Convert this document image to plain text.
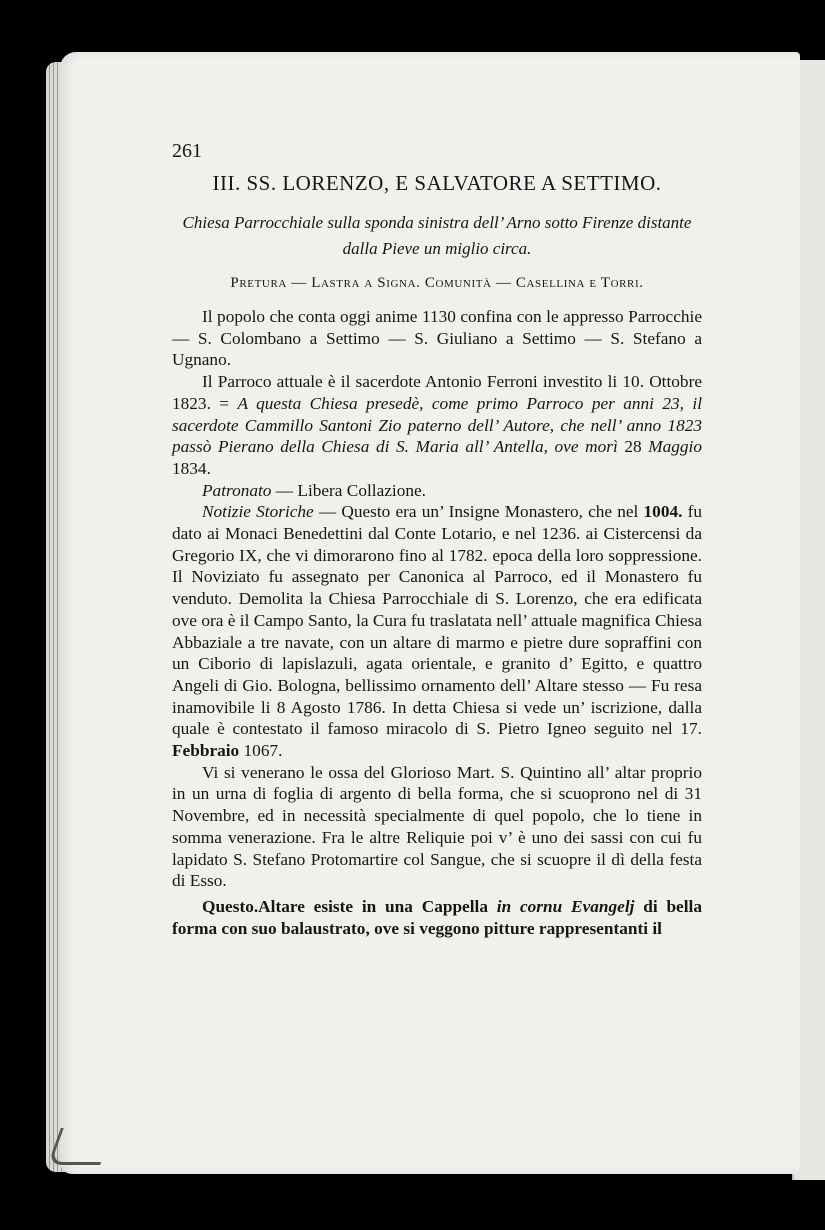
261
III. SS. LORENZO, E SALVATORE A SETTIMO.

Chiesa Parrocchiale sulla sponda sinistra dell’ Arno sotto Firenze distante dalla Pieve un miglio circa.

Pretura — Lastra a Signa. Comunità — Casellina e Torri.

Il popolo che conta oggi anime 1130 confina con le appresso Parrocchie — S. Colombano a Settimo — S. Giuliano a Settimo — S. Stefano a Ugnano.

Il Parroco attuale è il sacerdote Antonio Ferroni investito li 10. Ottobre 1823. = A questa Chiesa presedè, come primo Parroco per anni 23, il sacerdote Cammillo Santoni Zio paterno dell’ Autore, che nell’ anno 1823 passò Pierano della Chiesa di S. Maria all’ Antella, ove morì 28 Maggio 1834.

Patronato — Libera Collazione.

Notizie Storiche — Questo era un’ Insigne Monastero, che nel 1004. fu dato ai Monaci Benedettini dal Conte Lotario, e nel 1236. ai Cistercensi da Gregorio IX, che vi dimorarono fino al 1782. epoca della loro soppressione. Il Noviziato fu assegnato per Canonica al Parroco, ed il Monastero fu venduto. Demolita la Chiesa Parrocchiale di S. Lorenzo, che era edificata ove ora è il Campo Santo, la Cura fu traslatata nell’ attuale magnifica Chiesa Abbaziale a tre navate, con un altare di marmo e pietre dure sopraffini con un Ciborio di lapislazuli, agata orientale, e granito d’ Egitto, e quattro Angeli di Gio. Bologna, bellissimo ornamento dell’ Altare stesso — Fu resa inamovibile li 8 Agosto 1786. In detta Chiesa si vede un’ iscrizione, dalla quale è contestato il famoso miracolo di S. Pietro Igneo seguito nel 17. Febbraio 1067.

Vi si venerano le ossa del Glorioso Mart. S. Quintino all’ altar proprio in un urna di foglia di argento di bella forma, che si scuoprono nel di 31 Novembre, ed in necessità specialmente di quel popolo, che lo tiene in somma venerazione. Fra le altre Reliquie poi v’ è uno dei sassi con cui fu lapidato S. Stefano Protomartire col Sangue, che si scuopre il dì della festa di Esso.

Questo.Altare esiste in una Cappella in cornu Evangelj di bella forma con suo balaustrato, ove si veggono pitture rappresentanti il
